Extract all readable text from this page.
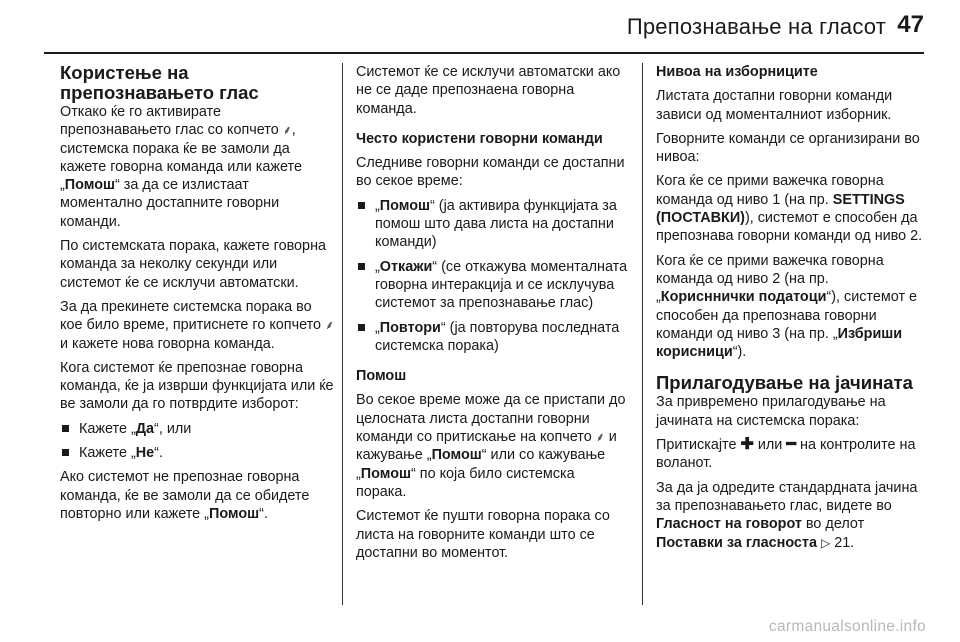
Препознавање на гласот 47
Користење на препознавањето глас

Откако ќе го активирате препознавањето глас со копчето ⸙, системска порака ќе ве замоли да кажете говорна команда или кажете „Помош“ за да се излистаат моментално достапните говорни команди.

По системската порака, кажете говорна команда за неколку секунди или системот ќе се исклучи автоматски.

За да прекинете системска порака во кое било време, притиснете го копчето ⸙ и кажете нова говорна команда.

Кога системот ќе препознае говорна команда, ќе ја изврши функцијата или ќе ве замоли да го потврдите изборот:

Кажете „Да“, или
Кажете „Не“.

Ако системот не препознае говорна команда, ќе ве замоли да се обидете повторно или кажете „Помош“.

Системот ќе се исклучи автоматски ако не се даде препознаена говорна команда.

Често користени говорни команди

Следниве говорни команди се достапни во секое време:

„Помош“ (ја активира функцијата за помош што дава листа на достапни команди)
„Откажи“ (се откажува моменталната говорна интеракција и се исклучува системот за препознавање глас)
„Повтори“ (ја повторува последната системска порака)

Помош

Во секое време може да се пристапи до целосната листа достапни говорни команди со притискање на копчето ⸙ и кажување „Помош“ или со кажување „Помош“ по која било системска порака.

Системот ќе пушти говорна порака со листа на говорните команди што се достапни во моментот.

Нивоа на изборниците

Листата достапни говорни команди зависи од моменталниот изборник.

Говорните команди се организирани во нивоа:

Кога ќе се прими важечка говорна команда од ниво 1 (на пр. SETTINGS (ПОСТАВКИ)), системот е способен да препознава говорни команди од ниво 2.

Кога ќе се прими важечка говорна команда од ниво 2 (на пр. „Корисннички податоци“), системот е способен да препознава говорни команди од ниво 3 (на пр. „Избриши корисници“).

Прилагодување на јачината

За привремено прилагодување на јачината на системска порака:

Притискајте ✚ или ━ на контролите на воланот.

За да ја одредите стандардната јачина за препознавањето глас, видете во Гласност на говорот во делот Поставки за гласноста ▷ 21.

carmanualsonline.info
